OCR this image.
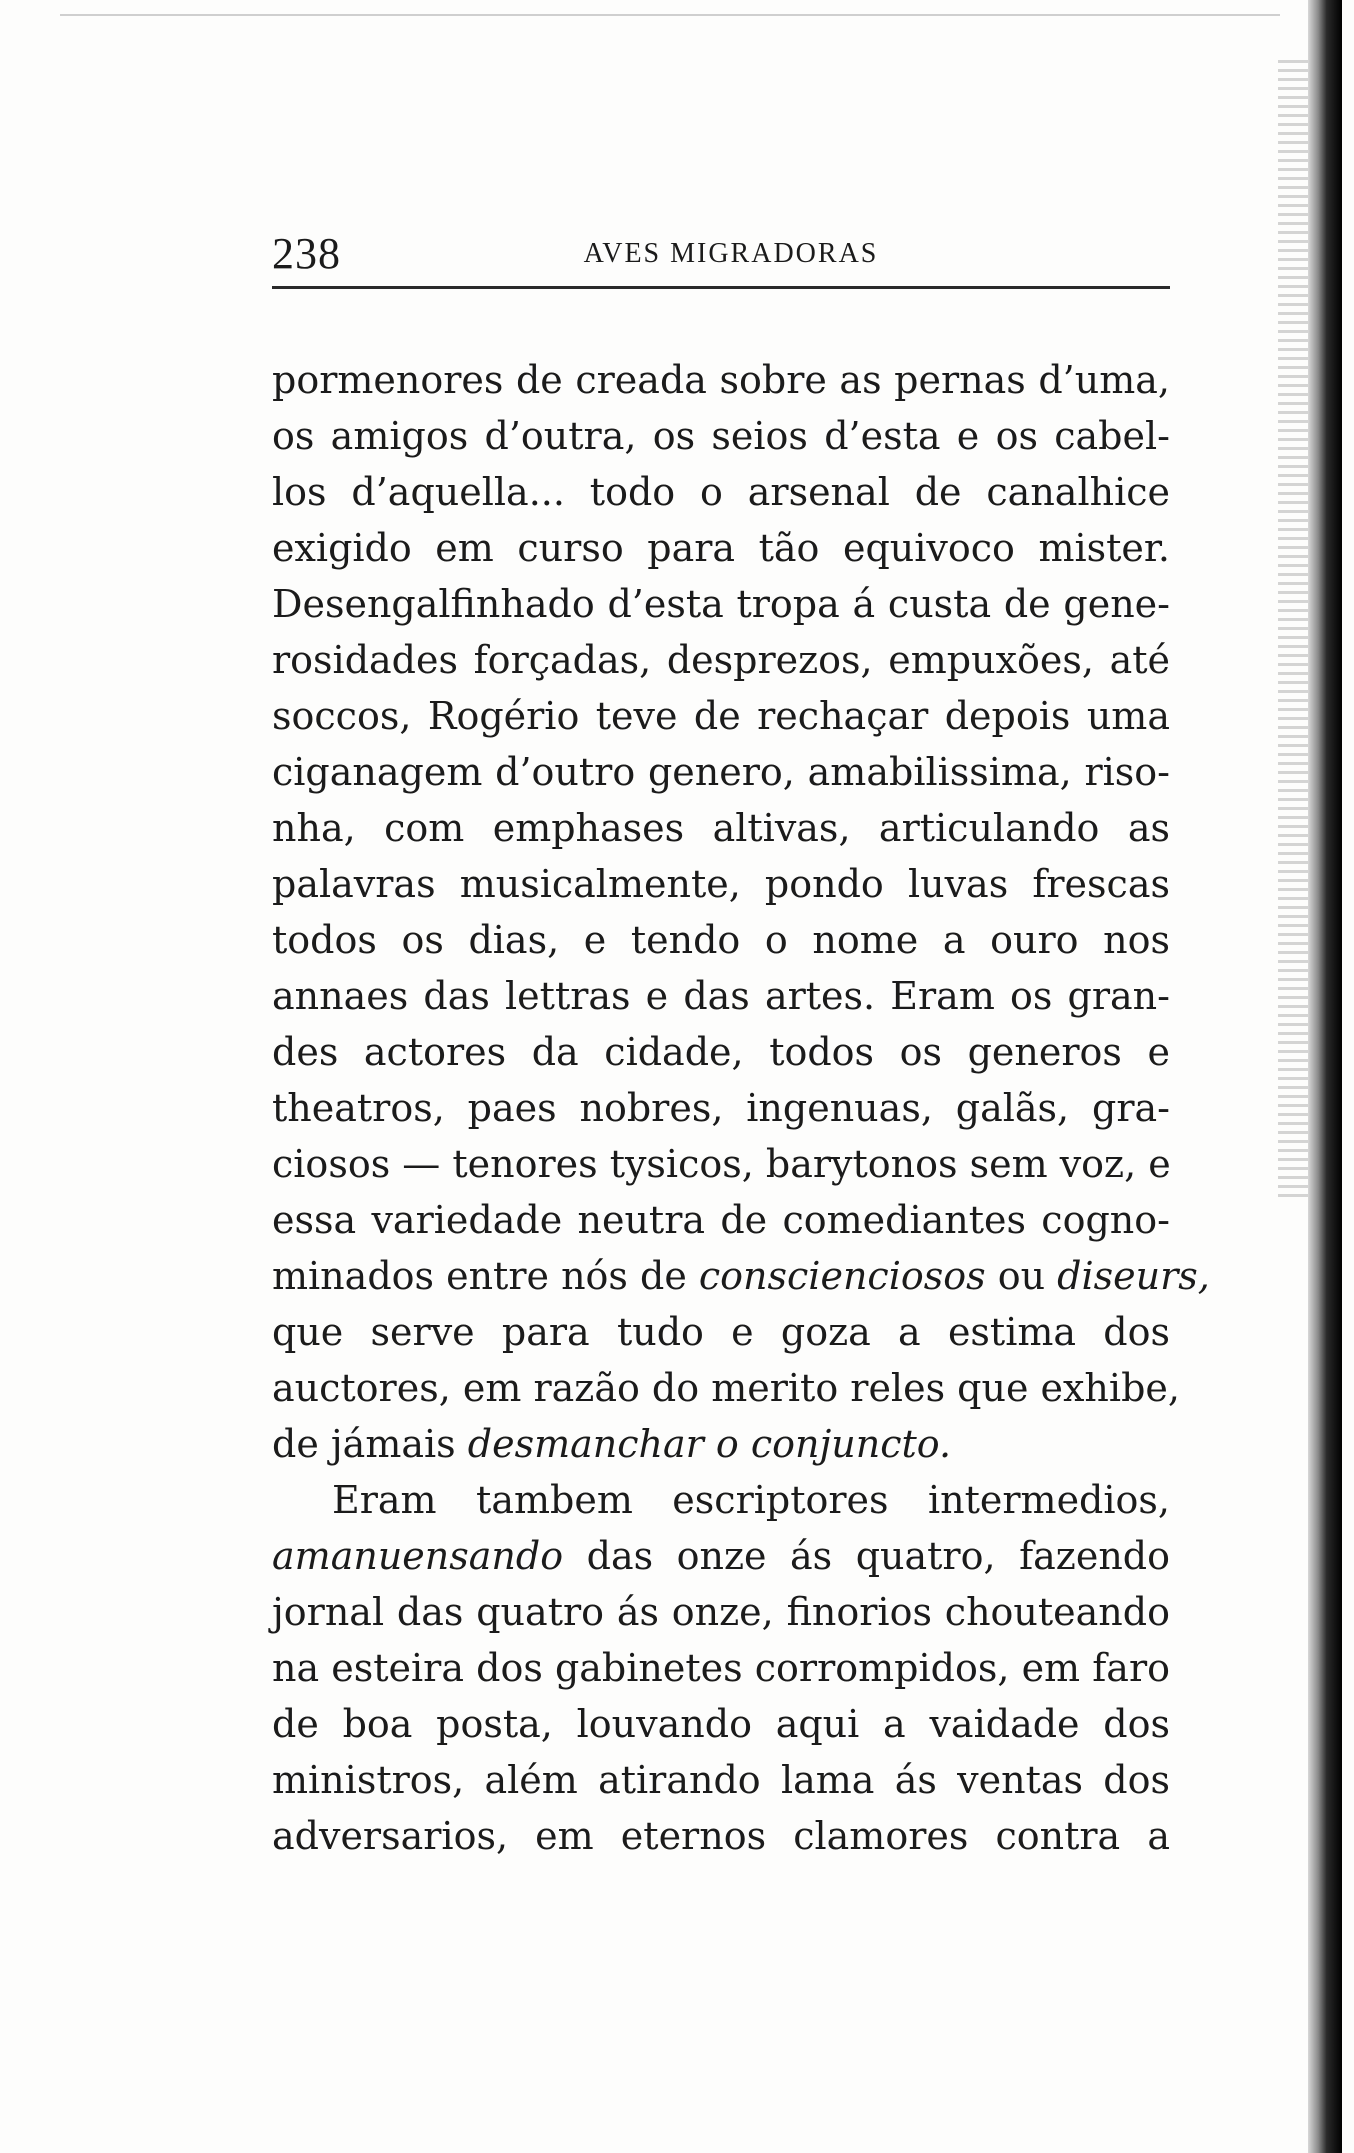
238	AVES MIGRADORAS
pormenores de creada sobre as pernas d’uma,
os amigos d’outra, os seios d’esta e os cabel-
los d’aquella... todo o arsenal de canalhice
exigido em curso para tão equivoco mister.
Desengalfinhado d’esta tropa á custa de gene-
rosidades forçadas, desprezos, empuxões, até
soccos, Rogério teve de rechaçar depois uma
ciganagem d’outro genero, amabilissima, riso-
nha, com emphases altivas, articulando as
palavras musicalmente, pondo luvas frescas
todos os dias, e tendo o nome a ouro nos
annaes das lettras e das artes. Eram os gran-
des actores da cidade, todos os generos e
theatros, paes nobres, ingenuas, galãs, gra-
ciosos — tenores tysicos, barytonos sem voz, e
essa variedade neutra de comediantes cogno-
minados entre nós de conscienciosos ou diseurs,
que serve para tudo e goza a estima dos
auctores, em razão do merito reles que exhibe,
de jámais desmanchar o conjuncto.
Eram tambem escriptores intermedios,
amanuensando das onze ás quatro, fazendo
jornal das quatro ás onze, finorios chouteando
na esteira dos gabinetes corrompidos, em faro
de boa posta, louvando aqui a vaidade dos
ministros, além atirando lama ás ventas dos
adversarios, em eternos clamores contra a
